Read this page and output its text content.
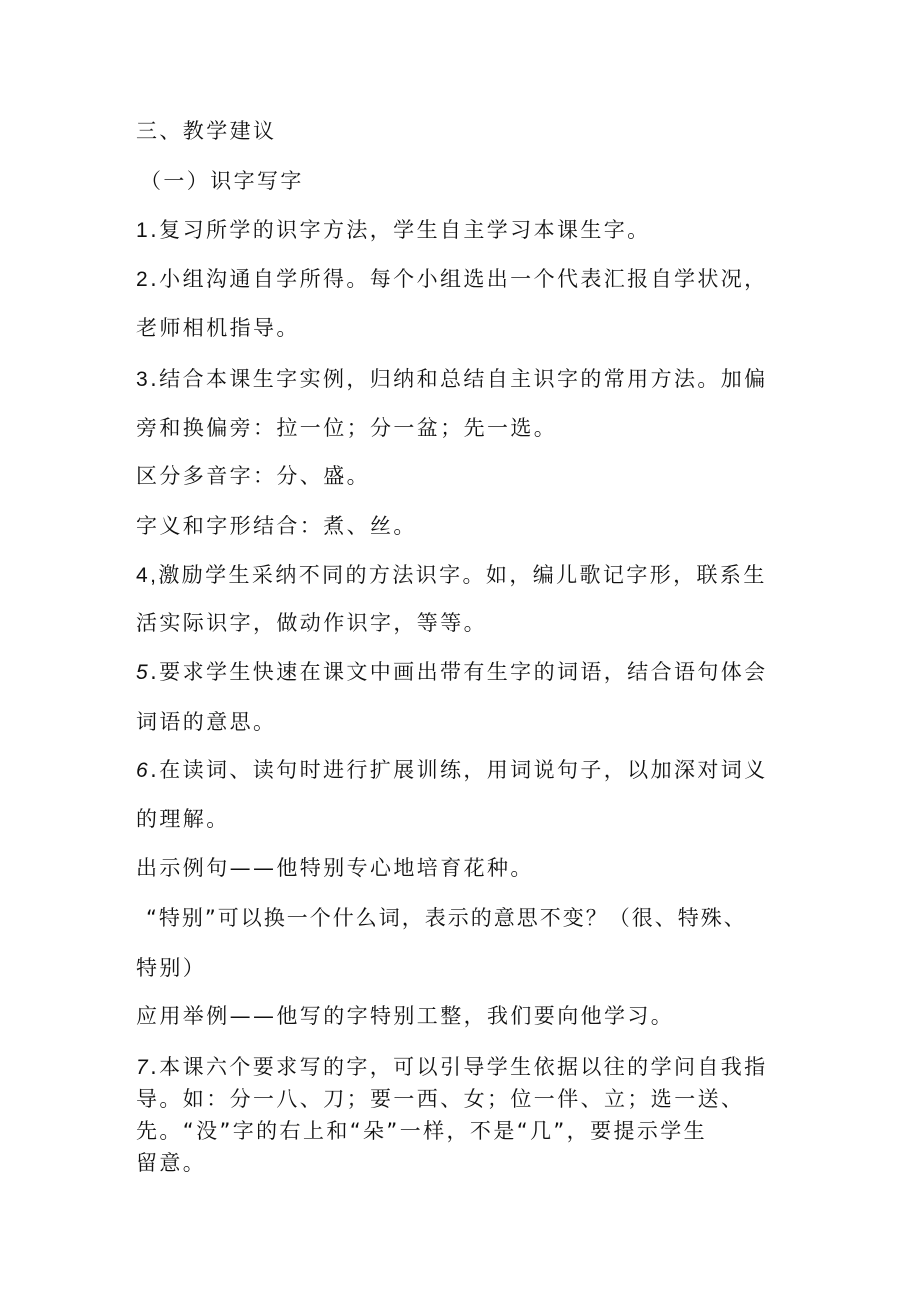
三、教学建议
（一）识字写字
1.复习所学的识字方法，学生自主学习本课生字。
2.小组沟通自学所得。每个小组选出一个代表汇报自学状况，
老师相机指导。
3.结合本课生字实例，归纳和总结自主识字的常用方法。加偏
旁和换偏旁：拉一位；分一盆；先一选。
区分多音字：分、盛。
字义和字形结合：煮、丝。
4,激励学生采纳不同的方法识字。如，编儿歌记字形，联系生
活实际识字，做动作识字，等等。
5.要求学生快速在课文中画出带有生字的词语，结合语句体会
词语的意思。
6.在读词、读句时进行扩展训练，用词说句子，以加深对词义
的理解。
出示例句——他特别专心地培育花种。
“特别”可以换一个什么词，表示的意思不变？（很、特殊、
特别）
应用举例——他写的字特别工整，我们要向他学习。
7.本课六个要求写的字，可以引导学生依据以往的学问自我指
导。如：分一八、刀；要一西、女；位一伴、立；选一送、
先。“没”字的右上和“朵”一样，不是“几”，要提示学生
留意。
